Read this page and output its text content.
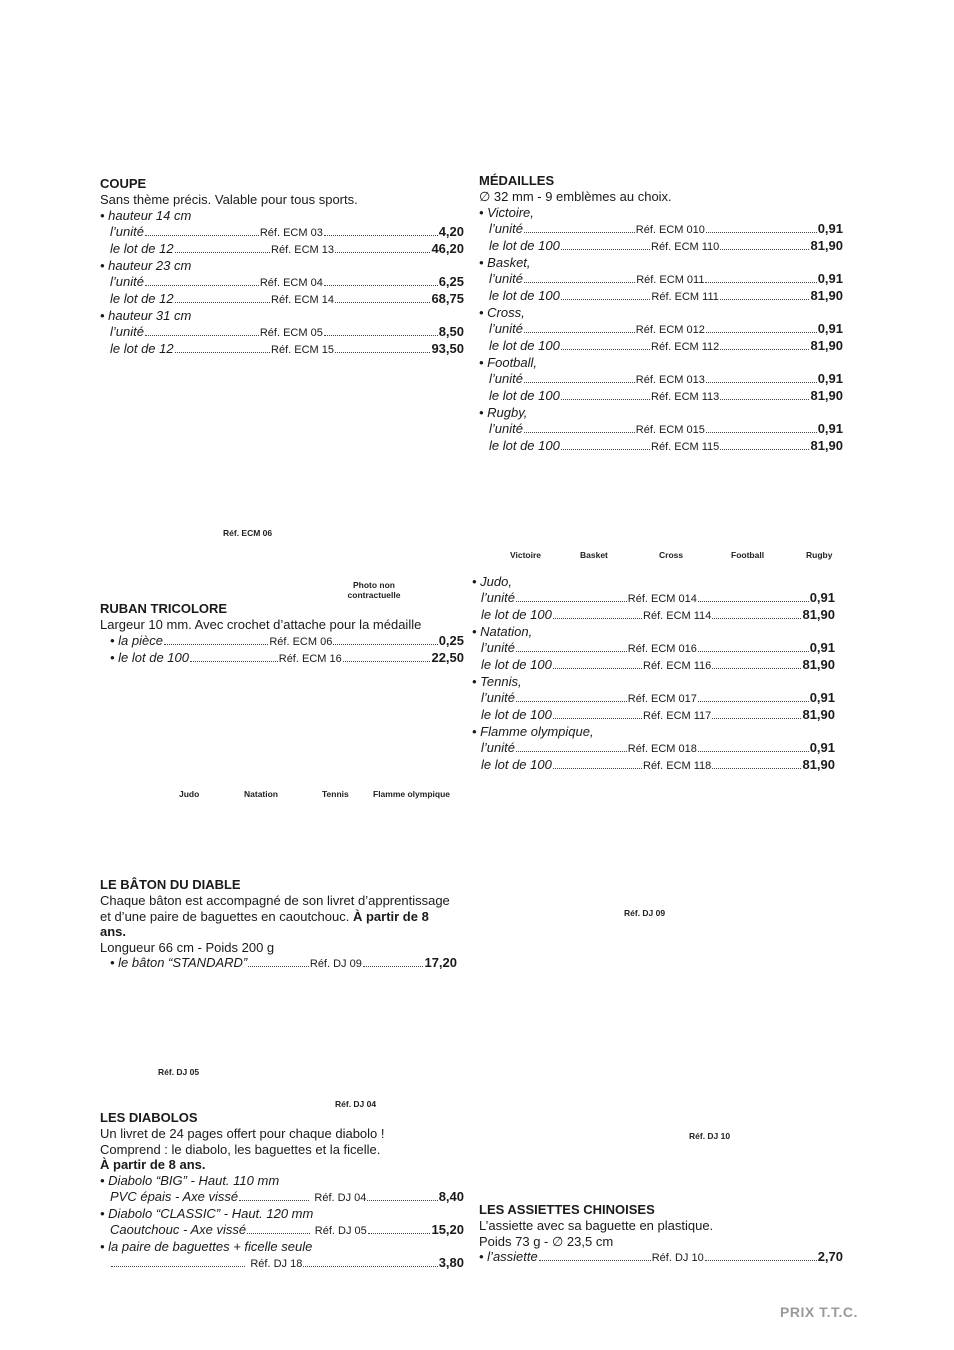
COUPE
Sans thème précis. Valable pour tous sports.
• hauteur 14 cm
l’unité	Réf. ECM 03	4,20
le lot de 12	Réf. ECM 13	46,20
• hauteur 23 cm
l’unité	Réf. ECM 04	6,25
le lot de 12	Réf. ECM 14	68,75
• hauteur 31 cm
l’unité	Réf. ECM 05	8,50
le lot de 12	Réf. ECM 15	93,50
MÉDAILLES
∅ 32 mm - 9 emblèmes au choix.
• Victoire,
l’unité	Réf. ECM 010	0,91
le lot de 100	Réf. ECM 110	81,90
• Basket,
l’unité	Réf. ECM 011	0,91
le lot de 100	Réf. ECM 111	81,90
• Cross,
l’unité	Réf. ECM 012	0,91
le lot de 100	Réf. ECM 112	81,90
• Football,
l’unité	Réf. ECM 013	0,91
le lot de 100	Réf. ECM 113	81,90
• Rugby,
l’unité	Réf. ECM 015	0,91
le lot de 100	Réf. ECM 115	81,90
Réf. ECM 06
Victoire	Basket	Cross	Football	Rugby
Photo non
contractuelle
RUBAN TRICOLORE
Largeur 10 mm. Avec crochet d’attache pour la médaille
• la pièce	Réf. ECM 06	0,25
• le lot de 100	Réf. ECM 16	22,50
• Judo,
l’unité	Réf. ECM 014	0,91
le lot de 100	Réf. ECM 114	81,90
• Natation,
l’unité	Réf. ECM 016	0,91
le lot de 100	Réf. ECM 116	81,90
• Tennis,
l’unité	Réf. ECM 017	0,91
le lot de 100	Réf. ECM 117	81,90
• Flamme olympique,
l’unité	Réf. ECM 018	0,91
le lot de 100	Réf. ECM 118	81,90
Judo	Natation	Tennis	Flamme olympique
LE BÂTON DU DIABLE
Chaque bâton est accompagné de son livret d’apprentissage
et d’une paire de baguettes en caoutchouc. À partir de 8 ans.
Longueur 66 cm - Poids 200 g
• le bâton “STANDARD”	Réf. DJ 09	17,20
Réf. DJ 09
Réf. DJ 05
Réf. DJ 04
Réf. DJ 10
LES DIABOLOS
Un livret de 24 pages offert pour chaque diabolo !
Comprend : le diabolo, les baguettes et la ficelle.
À partir de 8 ans.
• Diabolo “BIG” - Haut. 110 mm
PVC épais - Axe vissé	Réf. DJ 04	8,40
• Diabolo “CLASSIC” - Haut. 120 mm
Caoutchouc - Axe vissé	Réf. DJ 05	15,20
• la paire de baguettes + ficelle seule
Réf. DJ 18	3,80
LES ASSIETTES CHINOISES
L’assiette avec sa baguette en plastique.
Poids 73 g - ∅ 23,5 cm
• l’assiette	Réf. DJ 10	2,70
PRIX T.T.C.
